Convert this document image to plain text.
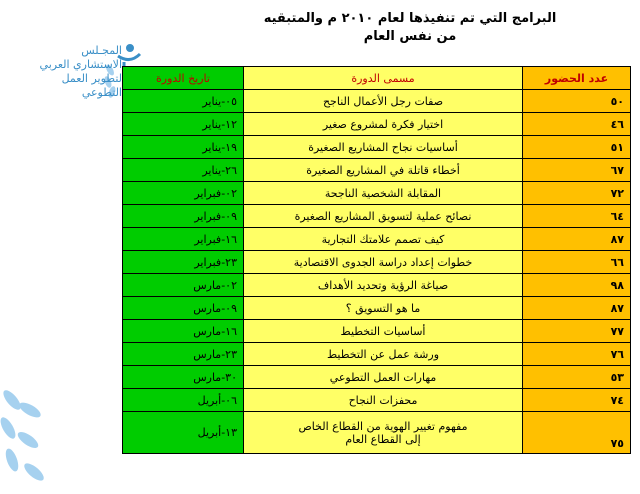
المجـلس
الاستشاري العربي
لتطوير العمل
التطوعي
البرامج التي تم تنفيذها لعام ٢٠١٠ م والمتبقيه
من نفس العام
عدد الحضور	مسمى الدورة	تاريخ الدورة
٥٠	صفات رجل الأعمال الناجح	٠٥-يناير
٤٦	اختيار فكرة لمشروع صغير	١٢-يناير
٥١	أساسيات نجاح المشاريع الصغيرة	١٩-يناير
٦٧	أخطاء قاتلة في المشاريع الصغيرة	٢٦-يناير
٧٢	المقابلة الشخصية الناجحة	٠٢-فبراير
٦٤	نصائح عملية لتسويق المشاريع الصغيرة	٠٩-فبراير
٨٧	كيف تصمم علامتك التجارية	١٦-فبراير
٦٦	خطوات إعداد دراسة الجدوى الاقتصادية	٢٣-فبراير
٩٨	صياغة الرؤية وتحديد الأهداف	٠٢-مارس
٨٧	ما هو التسويق ؟	٠٩-مارس
٧٧	أساسيات التخطيط	١٦-مارس
٧٦	ورشة عمل عن التخطيط	٢٣-مارس
٥٣	مهارات العمل التطوعي	٣٠-مارس
٧٤	محفزات النجاح	٠٦-أبريل
٧٥	مفهوم تغيير الهوية من القطاع الخاص
إلى القطاع العام	١٣-أبريل
